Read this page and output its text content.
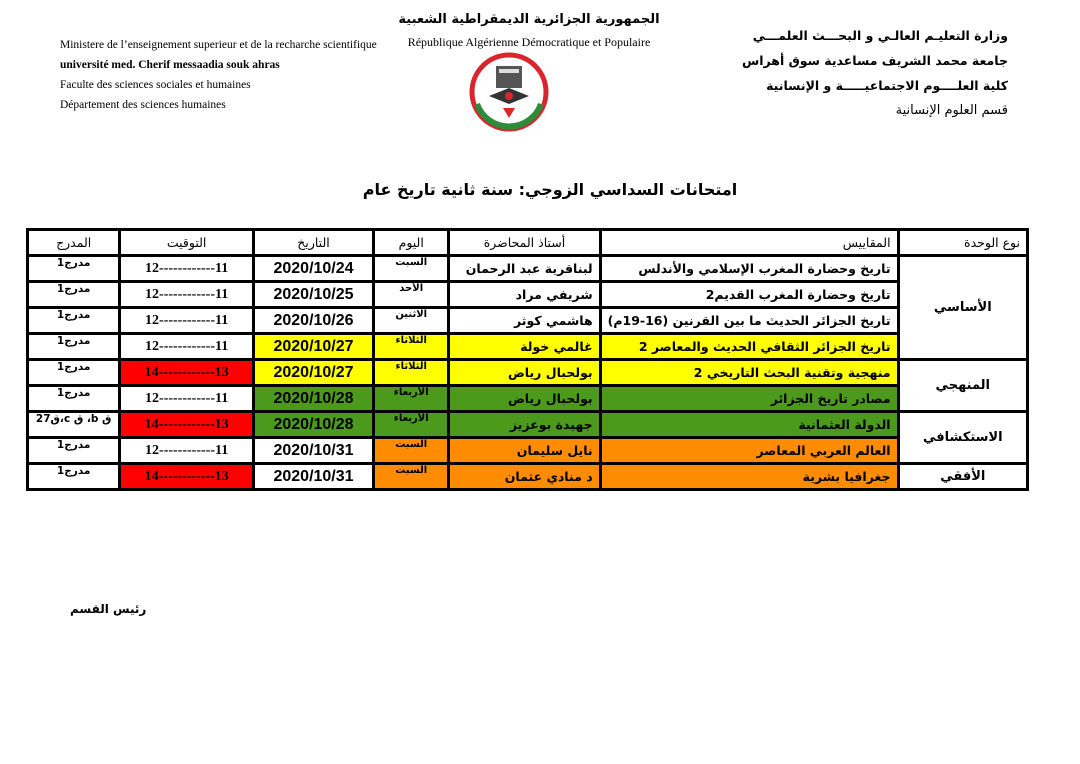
Ministere de l’enseignement superieur et de la recharche scientifique
université med. Cherif messaadia souk ahras
Faculte des sciences sociales et humaines
Département des sciences humaines
الجمهورية الجزائرية الديمقراطية الشعبية
République Algérienne Démocratique et Populaire	وزارة التعليـم العالـي و البحـــث العلمـــي
جامعة محمد الشريف مساعدية سوق أهراس
كلية العلــــوم الاجتماعيـــــة و الإنسانية
قسم العلوم الإنسانية
امتحانات السداسي الزوجي: سنة ثانية تاريخ عام
نوع الوحدة	المقاييس	أستاذ المحاضرة	اليوم	التاريخ	التوقيت	المدرج
الأساسي	تاريخ وحضارة المغرب الإسلامي والأندلس	لبناقرية عبد الرحمان	السبت	2020/10/24	12------------11	مدرج1
	تاريخ وحضارة المغرب القديم2	شريفي مراد	الأحد	2020/10/25	12------------11	مدرج1
	تاريخ الجزائر الحديث ما بين القرنين (16-19م)	هاشمي كوثر	الاثنين	2020/10/26	12------------11	مدرج1
	تاريخ الجزائر الثقافي الحديث والمعاصر 2	غالمي خولة	الثلاثاء	2020/10/27	12------------11	مدرج1
المنهجي	منهجية وتقنية البحث التاريخي 2	بولحبال رياض	الثلاثاء	2020/10/27	14------------13	مدرج1
	مصادر تاريخ الجزائر	بولحبال رياض	الأربعاء	2020/10/28	12------------11	مدرج1
الاستكشافي	الدولة العثمانية	جهيدة بوعزيز	الأربعاء	2020/10/28	14------------13	ق b، ق c،ق27
	العالم العربي المعاصر	نايل سليمان	السبت	2020/10/31	12------------11	مدرج1
الأفقي	جغرافيا بشرية	د منادي عثمان	السبت	2020/10/31	14------------13	مدرج1
رئيس القسم
